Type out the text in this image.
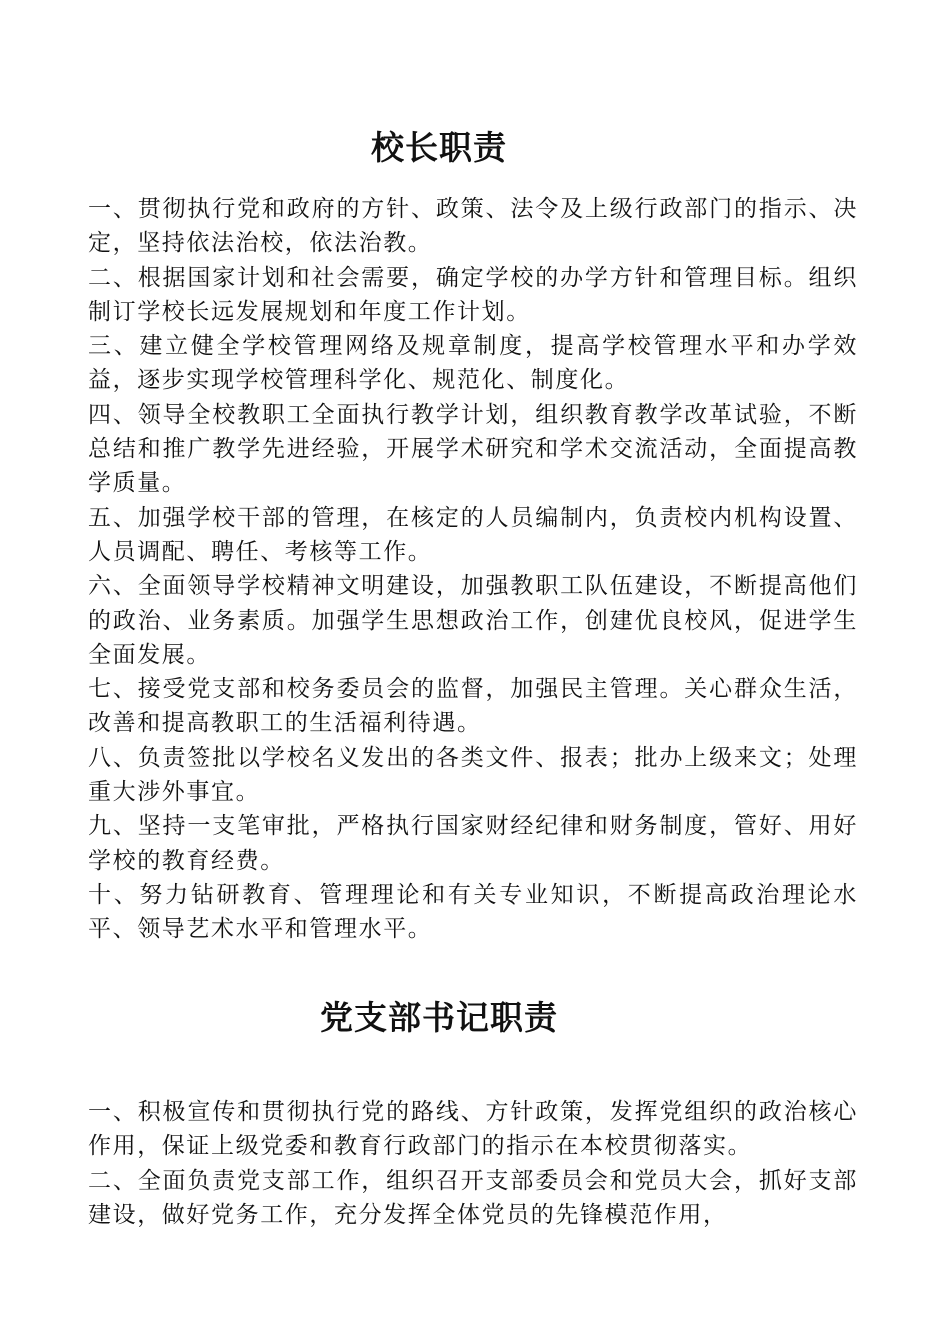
校长职责

一、贯彻执行党和政府的方针、政策、法令及上级行政部门的指示、决定，坚持依法治校，依法治教。

二、根据国家计划和社会需要，确定学校的办学方针和管理目标。组织制订学校长远发展规划和年度工作计划。

三、建立健全学校管理网络及规章制度，提高学校管理水平和办学效益，逐步实现学校管理科学化、规范化、制度化。

四、领导全校教职工全面执行教学计划，组织教育教学改革试验，不断总结和推广教学先进经验，开展学术研究和学术交流活动，全面提高教学质量。

五、加强学校干部的管理，在核定的人员编制内，负责校内机构设置、人员调配、聘任、考核等工作。

六、全面领导学校精神文明建设，加强教职工队伍建设，不断提高他们的政治、业务素质。加强学生思想政治工作，创建优良校风，促进学生全面发展。

七、接受党支部和校务委员会的监督，加强民主管理。关心群众生活，改善和提高教职工的生活福利待遇。

八、负责签批以学校名义发出的各类文件、报表；批办上级来文；处理重大涉外事宜。

九、坚持一支笔审批，严格执行国家财经纪律和财务制度，管好、用好学校的教育经费。

十、努力钻研教育、管理理论和有关专业知识，不断提高政治理论水平、领导艺术水平和管理水平。

党支部书记职责

一、积极宣传和贯彻执行党的路线、方针政策，发挥党组织的政治核心作用，保证上级党委和教育行政部门的指示在本校贯彻落实。

二、全面负责党支部工作，组织召开支部委员会和党员大会，抓好支部建设，做好党务工作，充分发挥全体党员的先锋模范作用，
